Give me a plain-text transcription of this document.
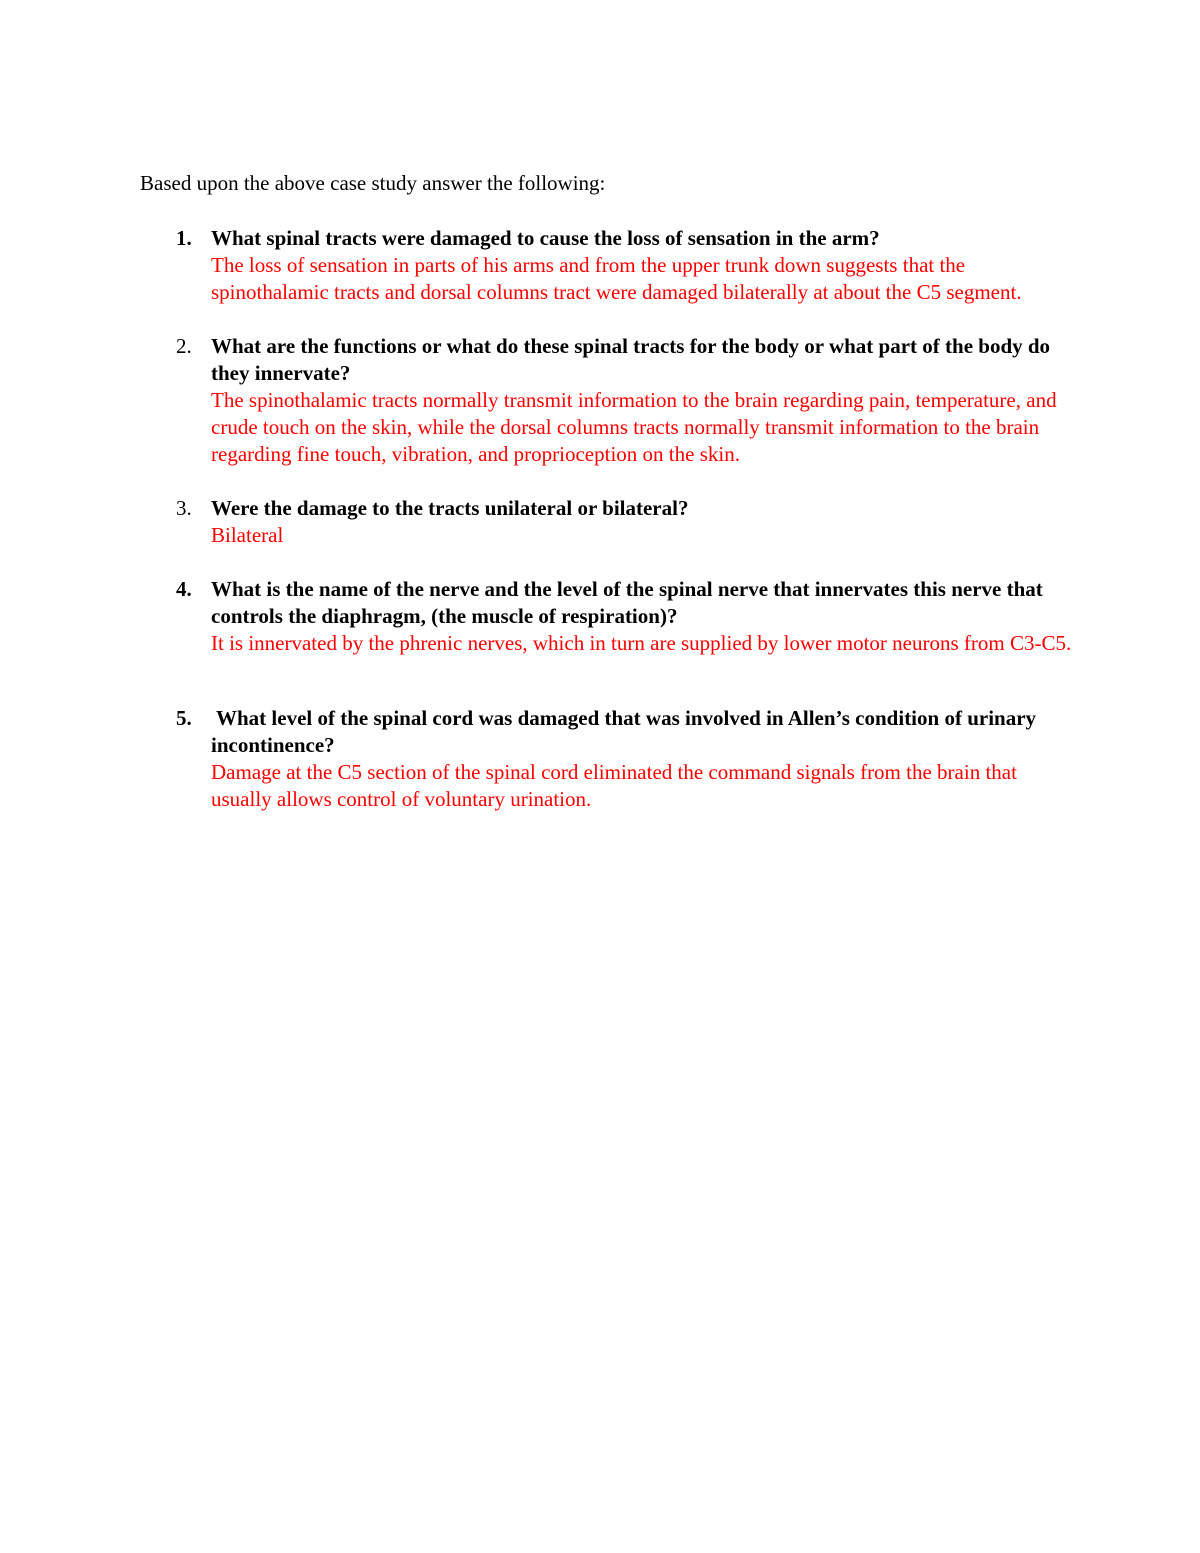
Based upon the above case study answer the following:

1. What spinal tracts were damaged to cause the loss of sensation in the arm?

The loss of sensation in parts of his arms and from the upper trunk down suggests that the spinothalamic tracts and dorsal columns tract were damaged bilaterally at about the C5 segment.

2. What are the functions or what do these spinal tracts for the body or what part of the body do they innervate?

The spinothalamic tracts normally transmit information to the brain regarding pain, temperature, and crude touch on the skin, while the dorsal columns tracts normally transmit information to the brain regarding fine touch, vibration, and proprioception on the skin.

3. Were the damage to the tracts unilateral or bilateral?

Bilateral

4. What is the name of the nerve and the level of the spinal nerve that innervates this nerve that controls the diaphragm, (the muscle of respiration)?

It is innervated by the phrenic nerves, which in turn are supplied by lower motor neurons from C3-C5.

5. What level of the spinal cord was damaged that was involved in Allen’s condition of urinary incontinence?

Damage at the C5 section of the spinal cord eliminated the command signals from the brain that usually allows control of voluntary urination.
